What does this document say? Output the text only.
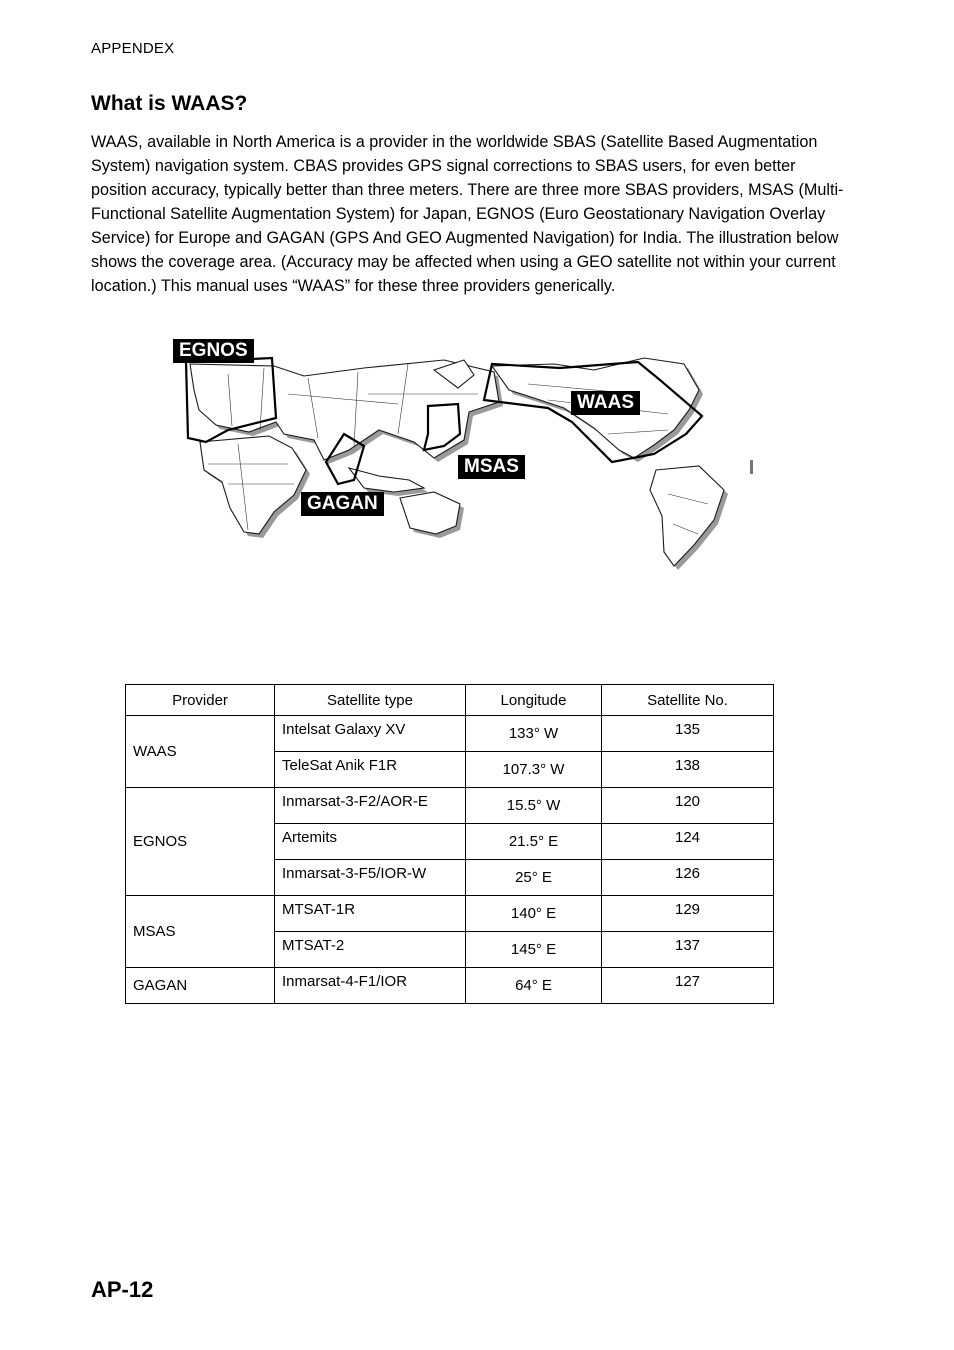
APPENDEX
What is WAAS?

WAAS, available in North America is a provider in the worldwide SBAS (Satellite Based Augmentation System) navigation system. CBAS provides GPS signal corrections to SBAS users, for even better position accuracy, typically better than three meters. There are three more SBAS providers, MSAS (Multi-Functional Satellite Augmentation System) for Japan, EGNOS (Euro Geostationary Navigation Overlay Service) for Europe and GAGAN (GPS And GEO Augmented Navigation) for India. The illustration below shows the coverage area. (Accuracy may be affected when using a GEO satellite not within your current location.) This manual uses “WAAS” for these three providers generically.

EGNOS
WAAS
MSAS
GAGAN
Provider	Satellite type	Longitude	Satellite No.
WAAS	Intelsat Galaxy XV	133° W	135
	TeleSat Anik F1R	107.3° W	138
EGNOS	Inmarsat-3-F2/AOR-E	15.5° W	120
	Artemits	21.5° E	124
	Inmarsat-3-F5/IOR-W	25° E	126
MSAS	MTSAT-1R	140° E	129
	MTSAT-2	145° E	137
GAGAN	Inmarsat-4-F1/IOR	64° E	127
AP-12
